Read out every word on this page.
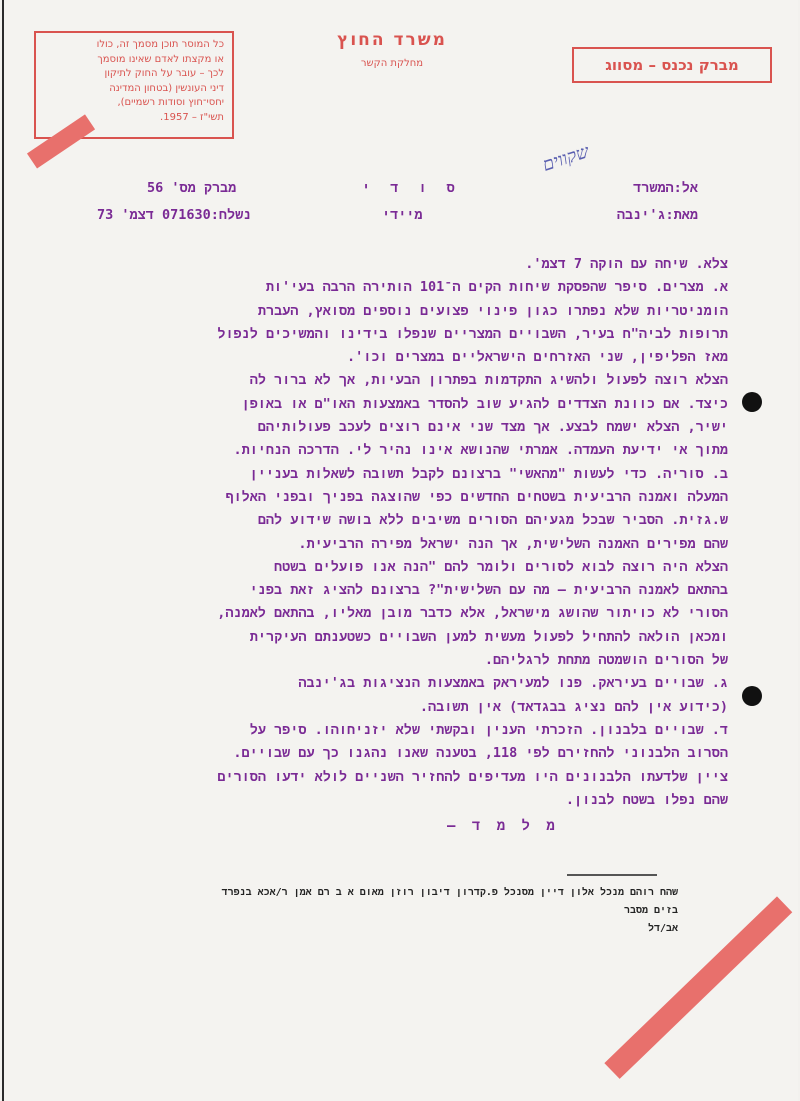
כל המוסר תוכן מסמך זה, כולו
או מקצתו לאדם שאינו מוסמך
לכך – עובר על החוק לתיקון
דיני העונשין (בטחון המדינה
יחסי־חוץ וסודות רשמיים),
תשי"ז – 1957.
משרד החוץ
מחלקת הקשר	מברק נכנס – מסווג
שקווים
אל:המשרד
מאת:ג'ינבה
ס ו ד י
מיידי
מברק מס' 56
נשלח:071630 דצמ' 73
צלא. שיחה עם הוקה 7 דצמ'.
א. מצרים. סיפר שהפסקת שיחות הקים ה־101 הותירה הרבה בעי'ות
הומניטריות שלא נפתרו כגון פינוי פצועים נוספים מסואץ, העברת
תרופות לביה"ח בעיר, השבויים המצריים שנפלו בידינו והמשיכים לנפול
מאז הפליפין, שני האזרחים הישראליים במצרים וכו'.
הצלא רוצה לפעול ולהשיג התקדמות בפתרון הבעיות, אך לא ברור לה
כיצד. אם כוונת הצדדים להגיע שוב להסדר באמצעות האו"ם או באופן
ישיר, הצלא ישמח לבצע. אך מצד שני אינם רוצים לעכב פעולותיהם
מתוך אי ידיעת העמדה. אמרתי שהנושא אינו נהיר לי. הדרכה הנחיות.
ב. סוריה. כדי לעשות "מהאשי" ברצונם לקבל תשובה לשאלות בעניין
המעלה ואמנה הרביעית בשטחים החדשים כפי שהוצגה בפניך ובפני האלוף
ש.גזית. הסביר שבכל מגעיהם הסורים משיבים ללא בושה שידוע להם
שהם מפירים האמנה השלישית, אך הנה ישראל מפירה הרביעית.
הצלא היה רוצה לבוא לסורים ולומר להם "הנה אנו פועלים בשטח
בהתאם לאמנה הרביעית – מה עם השלישית"? ברצונם להציג זאת בפני
הסורי לא כויתור שהושג מישראל, אלא כדבר מובן מאליו, בהתאם לאמנה,
ומכאן הולאה להתחיל לפעול מעשית למען השבויים כשטענתם העיקרית
של הסורים הושמטה מתחת לרגליהם.
ג. שבויים בעיראק. פנו למעיראק באמצעות הנציגות בג'ינבה
(כידוע אין להם נציג בבגדאד) אין תשובה.
ד. שבויים בלבנון. הזכרתי הענין ובקשתי שלא יזניחוהו. סיפר על
הסרוב הלבנוני להחזירם לפי 118, בטענה שאנו נהגנו כך עם שבויים.
ציין שלדעתו הלבנונים היו מעדיפים להחזיר השניים לולא ידעו הסורים
שהם נפלו בשטח לבנון.
מ ל מ ד –
שהח רוהם מנכל אלון דיין מסנכל פ.קדרון דיבון רוזן מאום א ב רם אמן ר/אכא בנפרד
בזים מסבר
אב/דל
